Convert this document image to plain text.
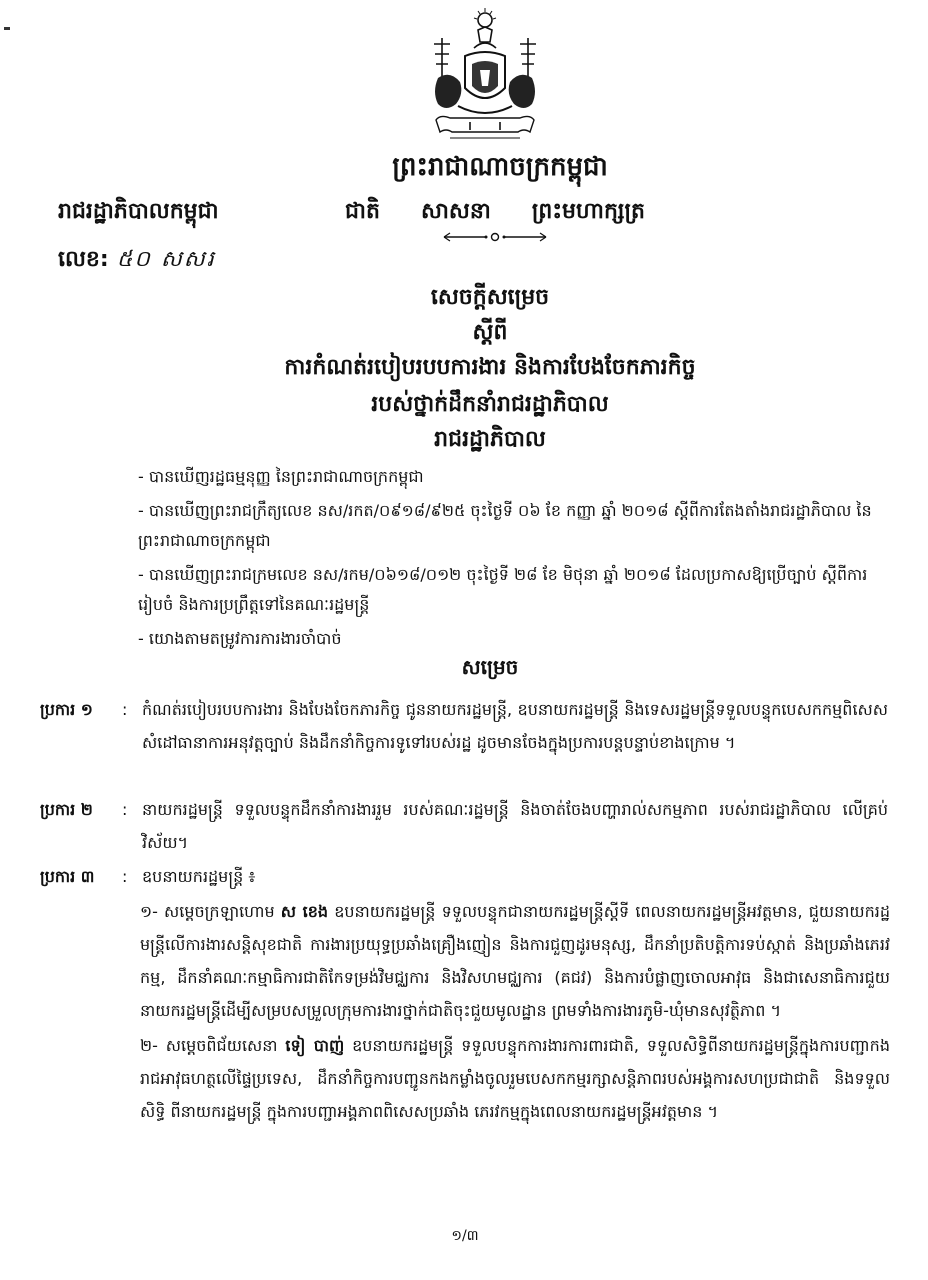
ព្រះរាជាណាចក្រកម្ពុជា
រាជរដ្ឋាភិបាលកម្ពុជា	ជាតិ សាសនា ព្រះមហាក្សត្រ
លេខ: ៥០ សសរ
សេចក្តីសម្រេច
ស្តីពី
ការកំណត់របៀបរបបការងារ និងការបែងចែកភារកិច្ច
របស់ថ្នាក់ដឹកនាំរាជរដ្ឋាភិបាល
រាជរដ្ឋាភិបាល
- បានឃើញរដ្ឋធម្មនុញ្ញ នៃព្រះរាជាណាចក្រកម្ពុជា
- បានឃើញព្រះរាជក្រឹត្យលេខ នស/រកត/០៩១៨/៩២៥ ចុះថ្ងៃទី ០៦ ខែ កញ្ញា ឆ្នាំ ២០១៨ ស្តីពីការតែងតាំងរាជរដ្ឋាភិបាល នៃព្រះរាជាណាចក្រកម្ពុជា
- បានឃើញព្រះរាជក្រមលេខ នស/រកម/០៦១៨/០១២ ចុះថ្ងៃទី ២៨ ខែ មិថុនា ឆ្នាំ ២០១៨ ដែលប្រកាសឱ្យប្រើច្បាប់ ស្តីពីការរៀបចំ និងការប្រព្រឹត្តទៅនៃគណៈរដ្ឋមន្ត្រី
- យោងតាមតម្រូវការការងារចាំបាច់
សម្រេច
ប្រការ ១	: កំណត់របៀបរបបការងារ និងបែងចែកភារកិច្ច ជូននាយករដ្ឋមន្ត្រី, ឧបនាយករដ្ឋមន្ត្រី និងទេសរដ្ឋមន្ត្រីទទួលបន្ទុកបេសកកម្មពិសេស សំដៅធានាការអនុវត្តច្បាប់ និងដឹកនាំកិច្ចការទូទៅរបស់រដ្ឋ ដូចមានចែងក្នុងប្រការបន្តបន្ទាប់ខាងក្រោម ។
ប្រការ ២	: នាយករដ្ឋមន្ត្រី ទទួលបន្ទុកដឹកនាំការងាររួម របស់គណៈរដ្ឋមន្ត្រី និងចាត់ចែងបញ្ហារាល់សកម្មភាព របស់រាជរដ្ឋាភិបាល លើគ្រប់វិស័យ។
ប្រការ ៣	: ឧបនាយករដ្ឋមន្ត្រី ៖
១- សម្តេចក្រឡាហោម ស ខេង ឧបនាយករដ្ឋមន្ត្រី ទទួលបន្ទុកជានាយករដ្ឋមន្ត្រីស្តីទី ពេលនាយករដ្ឋមន្ត្រីអវត្តមាន, ជួយនាយករដ្ឋមន្ត្រីលើការងារសន្តិសុខជាតិ ការងារប្រយុទ្ធប្រឆាំងគ្រឿងញៀន និងការជួញដូរមនុស្ស, ដឹកនាំប្រតិបត្តិការទប់ស្កាត់ និងប្រឆាំងភេរវកម្ម, ដឹកនាំគណៈកម្មាធិការជាតិកែទម្រង់វិមជ្ឈការ និងវិសហមជ្ឈការ (គជវ) និងការបំផ្លាញចោលអាវុធ និងជាសេនាធិការជួយនាយករដ្ឋមន្ត្រីដើម្បីសម្របសម្រួលក្រុមការងារថ្នាក់ជាតិចុះជួយមូលដ្ឋាន ព្រមទាំងការងារភូមិ-ឃុំមានសុវត្ថិភាព ។
២- សម្តេចពិជ័យសេនា ទៀ បាញ់ ឧបនាយករដ្ឋមន្ត្រី ទទួលបន្ទុកការងារការពារជាតិ, ទទួលសិទ្ធិពីនាយករដ្ឋមន្ត្រីក្នុងការបញ្ជាកងរាជអាវុធហត្ថលើផ្ទៃប្រទេស, ដឹកនាំកិច្ចការបញ្ជូនកងកម្លាំងចូលរួមបេសកកម្មរក្សាសន្តិភាពរបស់អង្គការសហប្រជាជាតិ និងទទួលសិទ្ធិ ពីនាយករដ្ឋមន្ត្រី ក្នុងការបញ្ជាអង្គភាពពិសេសប្រឆាំង ភេរវកម្មក្នុងពេលនាយករដ្ឋមន្ត្រីអវត្តមាន ។
១/៣
